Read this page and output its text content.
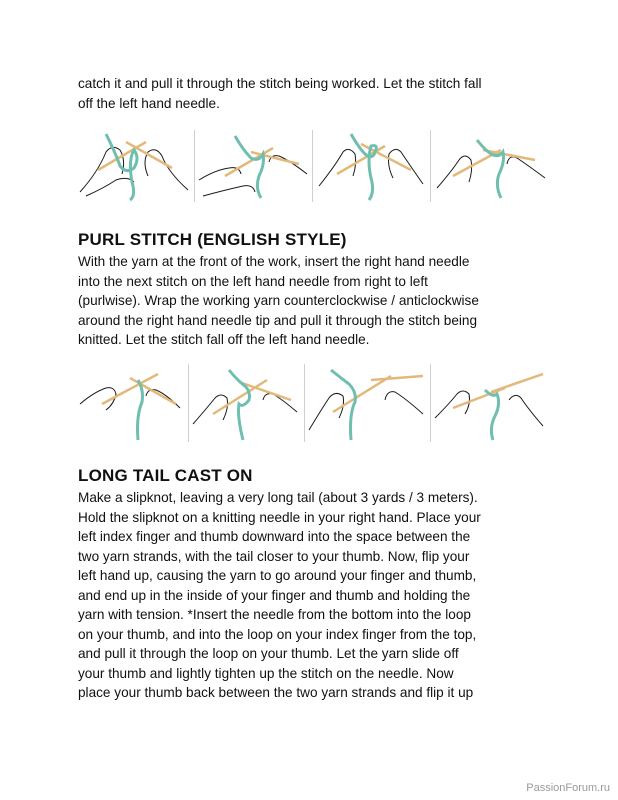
catch it and pull it through the stitch being worked. Let the stitch fall
off the left hand needle.

PURL STITCH (ENGLISH STYLE)

With the yarn at the front of the work, insert the right hand needle
into the next stitch on the left hand needle from right to left
(purlwise). Wrap the working yarn counterclockwise / anticlockwise
around the right hand needle tip and pull it through the stitch being
knitted. Let the stitch fall off the left hand needle.

LONG TAIL CAST ON

Make a slipknot, leaving a very long tail (about 3 yards / 3 meters).
Hold the slipknot on a knitting needle in your right hand. Place your
left index finger and thumb downward into the space between the
two yarn strands, with the tail closer to your thumb. Now, flip your
left hand up, causing the yarn to go around your finger and thumb,
and end up in the inside of your finger and thumb and holding the
yarn with tension. *Insert the needle from the bottom into the loop
on your thumb, and into the loop on your index finger from the top,
and pull it through the loop on your thumb. Let the yarn slide off
your thumb and lightly tighten up the stitch on the needle. Now
place your thumb back between the two yarn strands and flip it up

PassionForum.ru
